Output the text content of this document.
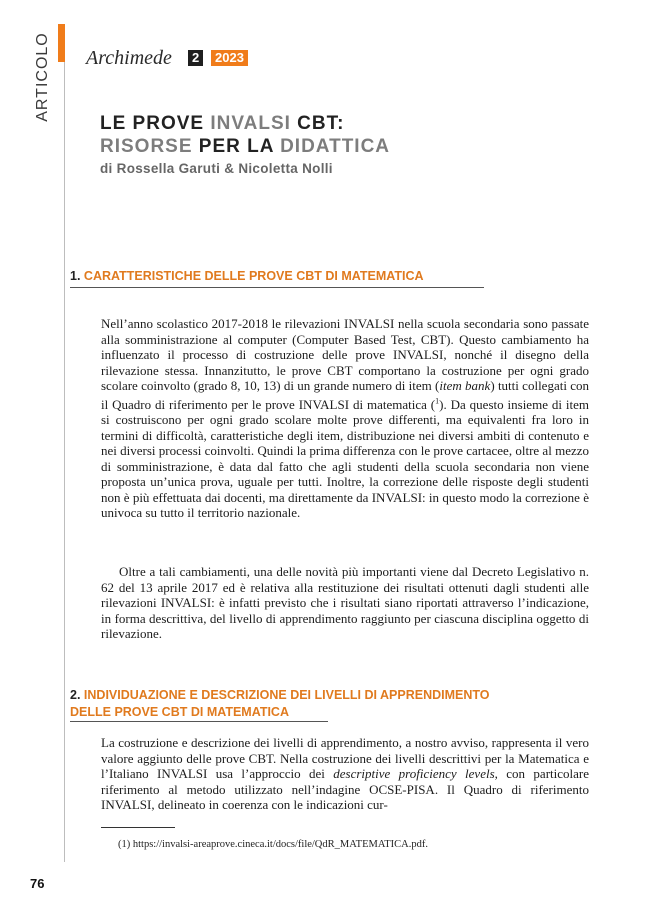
ARTICOLO Archimede	2	2023
LE PROVE INVALSI CBT:
RISORSE PER LA DIDATTICA
di Rossella Garuti & Nicoletta Nolli
1. CARATTERISTICHE DELLE PROVE CBT DI MATEMATICA

Nell’anno scolastico 2017-2018 le rilevazioni INVALSI nella scuola secondaria sono passate alla somministrazione al computer (Computer Based Test, CBT). Questo cambiamento ha influenzato il processo di costruzione delle prove INVALSI, nonché il disegno della rilevazione stessa. Innanzitutto, le prove CBT comportano la costruzione per ogni grado scolare coinvolto (grado 8, 10, 13) di un grande numero di item (item bank) tutti collegati con il Quadro di riferimento per le prove INVALSI di matematica ($^1$). Da questo insieme di item si costruiscono per ogni grado scolare molte prove differenti, ma equivalenti fra loro in termini di difficoltà, caratteristiche degli item, distribuzione nei diversi ambiti di contenuto e nei diversi processi coinvolti. Quindi la prima differenza con le prove cartacee, oltre al mezzo di somministrazione, è data dal fatto che agli studenti della scuola secondaria non viene proposta un’unica prova, uguale per tutti. Inoltre, la correzione delle risposte degli studenti non è più effettuata dai docenti, ma direttamente da INVALSI: in questo modo la correzione è univoca su tutto il territorio nazionale.

Oltre a tali cambiamenti, una delle novità più importanti viene dal Decreto Legislativo n. 62 del 13 aprile 2017 ed è relativa alla restituzione dei risultati ottenuti dagli studenti alle rilevazioni INVALSI: è infatti previsto che i risultati siano riportati attraverso l’indicazione, in forma descrittiva, del livello di apprendimento raggiunto per ciascuna disciplina oggetto di rilevazione.

2. INDIVIDUAZIONE E DESCRIZIONE DEI LIVELLI DI APPRENDIMENTO
DELLE PROVE CBT DI MATEMATICA

La costruzione e descrizione dei livelli di apprendimento, a nostro avviso, rappresenta il vero valore aggiunto delle prove CBT. Nella costruzione dei livelli descrittivi per la Matematica e l’Italiano INVALSI usa l’approccio dei descriptive proficiency levels, con particolare riferimento al metodo utilizzato nell’indagine OCSE-PISA. Il Quadro di riferimento INVALSI, delineato in coerenza con le indicazioni cur-

(1) https://invalsi-areaprove.cineca.it/docs/file/QdR_MATEMATICA.pdf.
76
